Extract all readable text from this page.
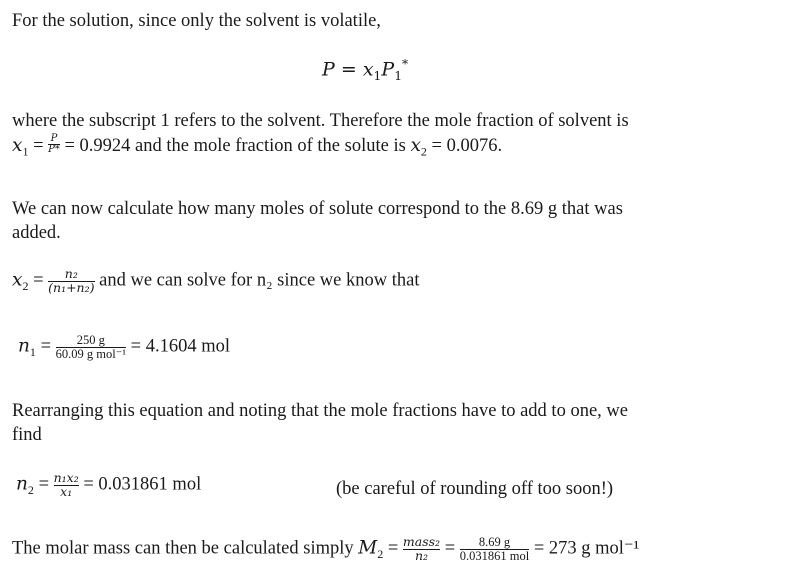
For the solution, since only the solvent is volatile,
$P = x_1P_1^*$
where the subscript 1 refers to the solvent. Therefore the mole fraction of solvent is
$x_1 = \frac{P}{P*} = 0.9924$ and the mole fraction of the solute is $x_2 = 0.0076$.
We can now calculate how many moles of solute correspond to the 8.69 g that was
added.
$x_2 = \frac{\text{n₂}}{\text{(n₁+n₂)}}$ and we can solve for n₂ since we know that
$n_1 = \frac{250 g}{\text{60.09 g mol⁻¹}} = 4.1604$ mol
Rearranging this equation and noting that the mole fractions have to add to one, we
find
$n_2 = \frac{\text{n₁x₂}}{\text{x₁}} = 0.031861$ mol	(be careful of rounding off too soon!)
The molar mass can then be calculated simply $M_2 = \frac{\text{mass₂}}{\text{n₂}} = \frac{8.69 g}{\text{0.031861 mol}} = 273$ g mol⁻¹
